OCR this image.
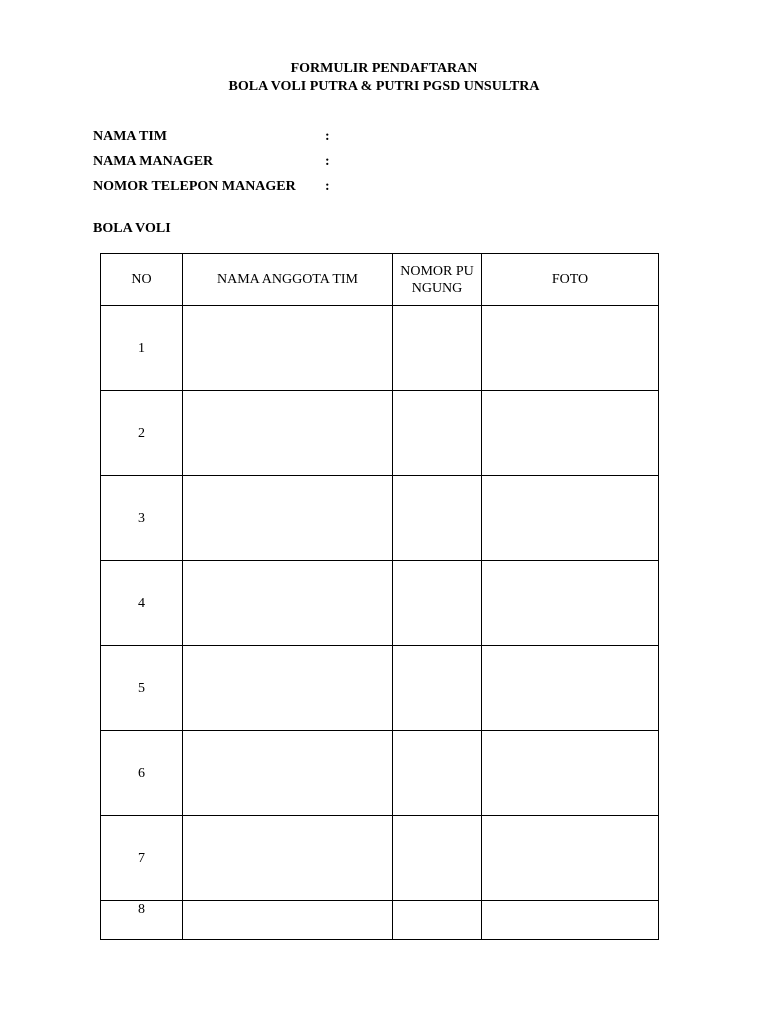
FORMULIR PENDAFTARAN
BOLA VOLI PUTRA & PUTRI PGSD UNSULTRA
NAMA TIM	:
NAMA MANAGER	:
NOMOR TELEPON MANAGER :
BOLA VOLI
NO	NAMA ANGGOTA TIM	NOMOR PUNGUNG	FOTO
1			
2			
3			
4			
5			
6			
7			
8			
